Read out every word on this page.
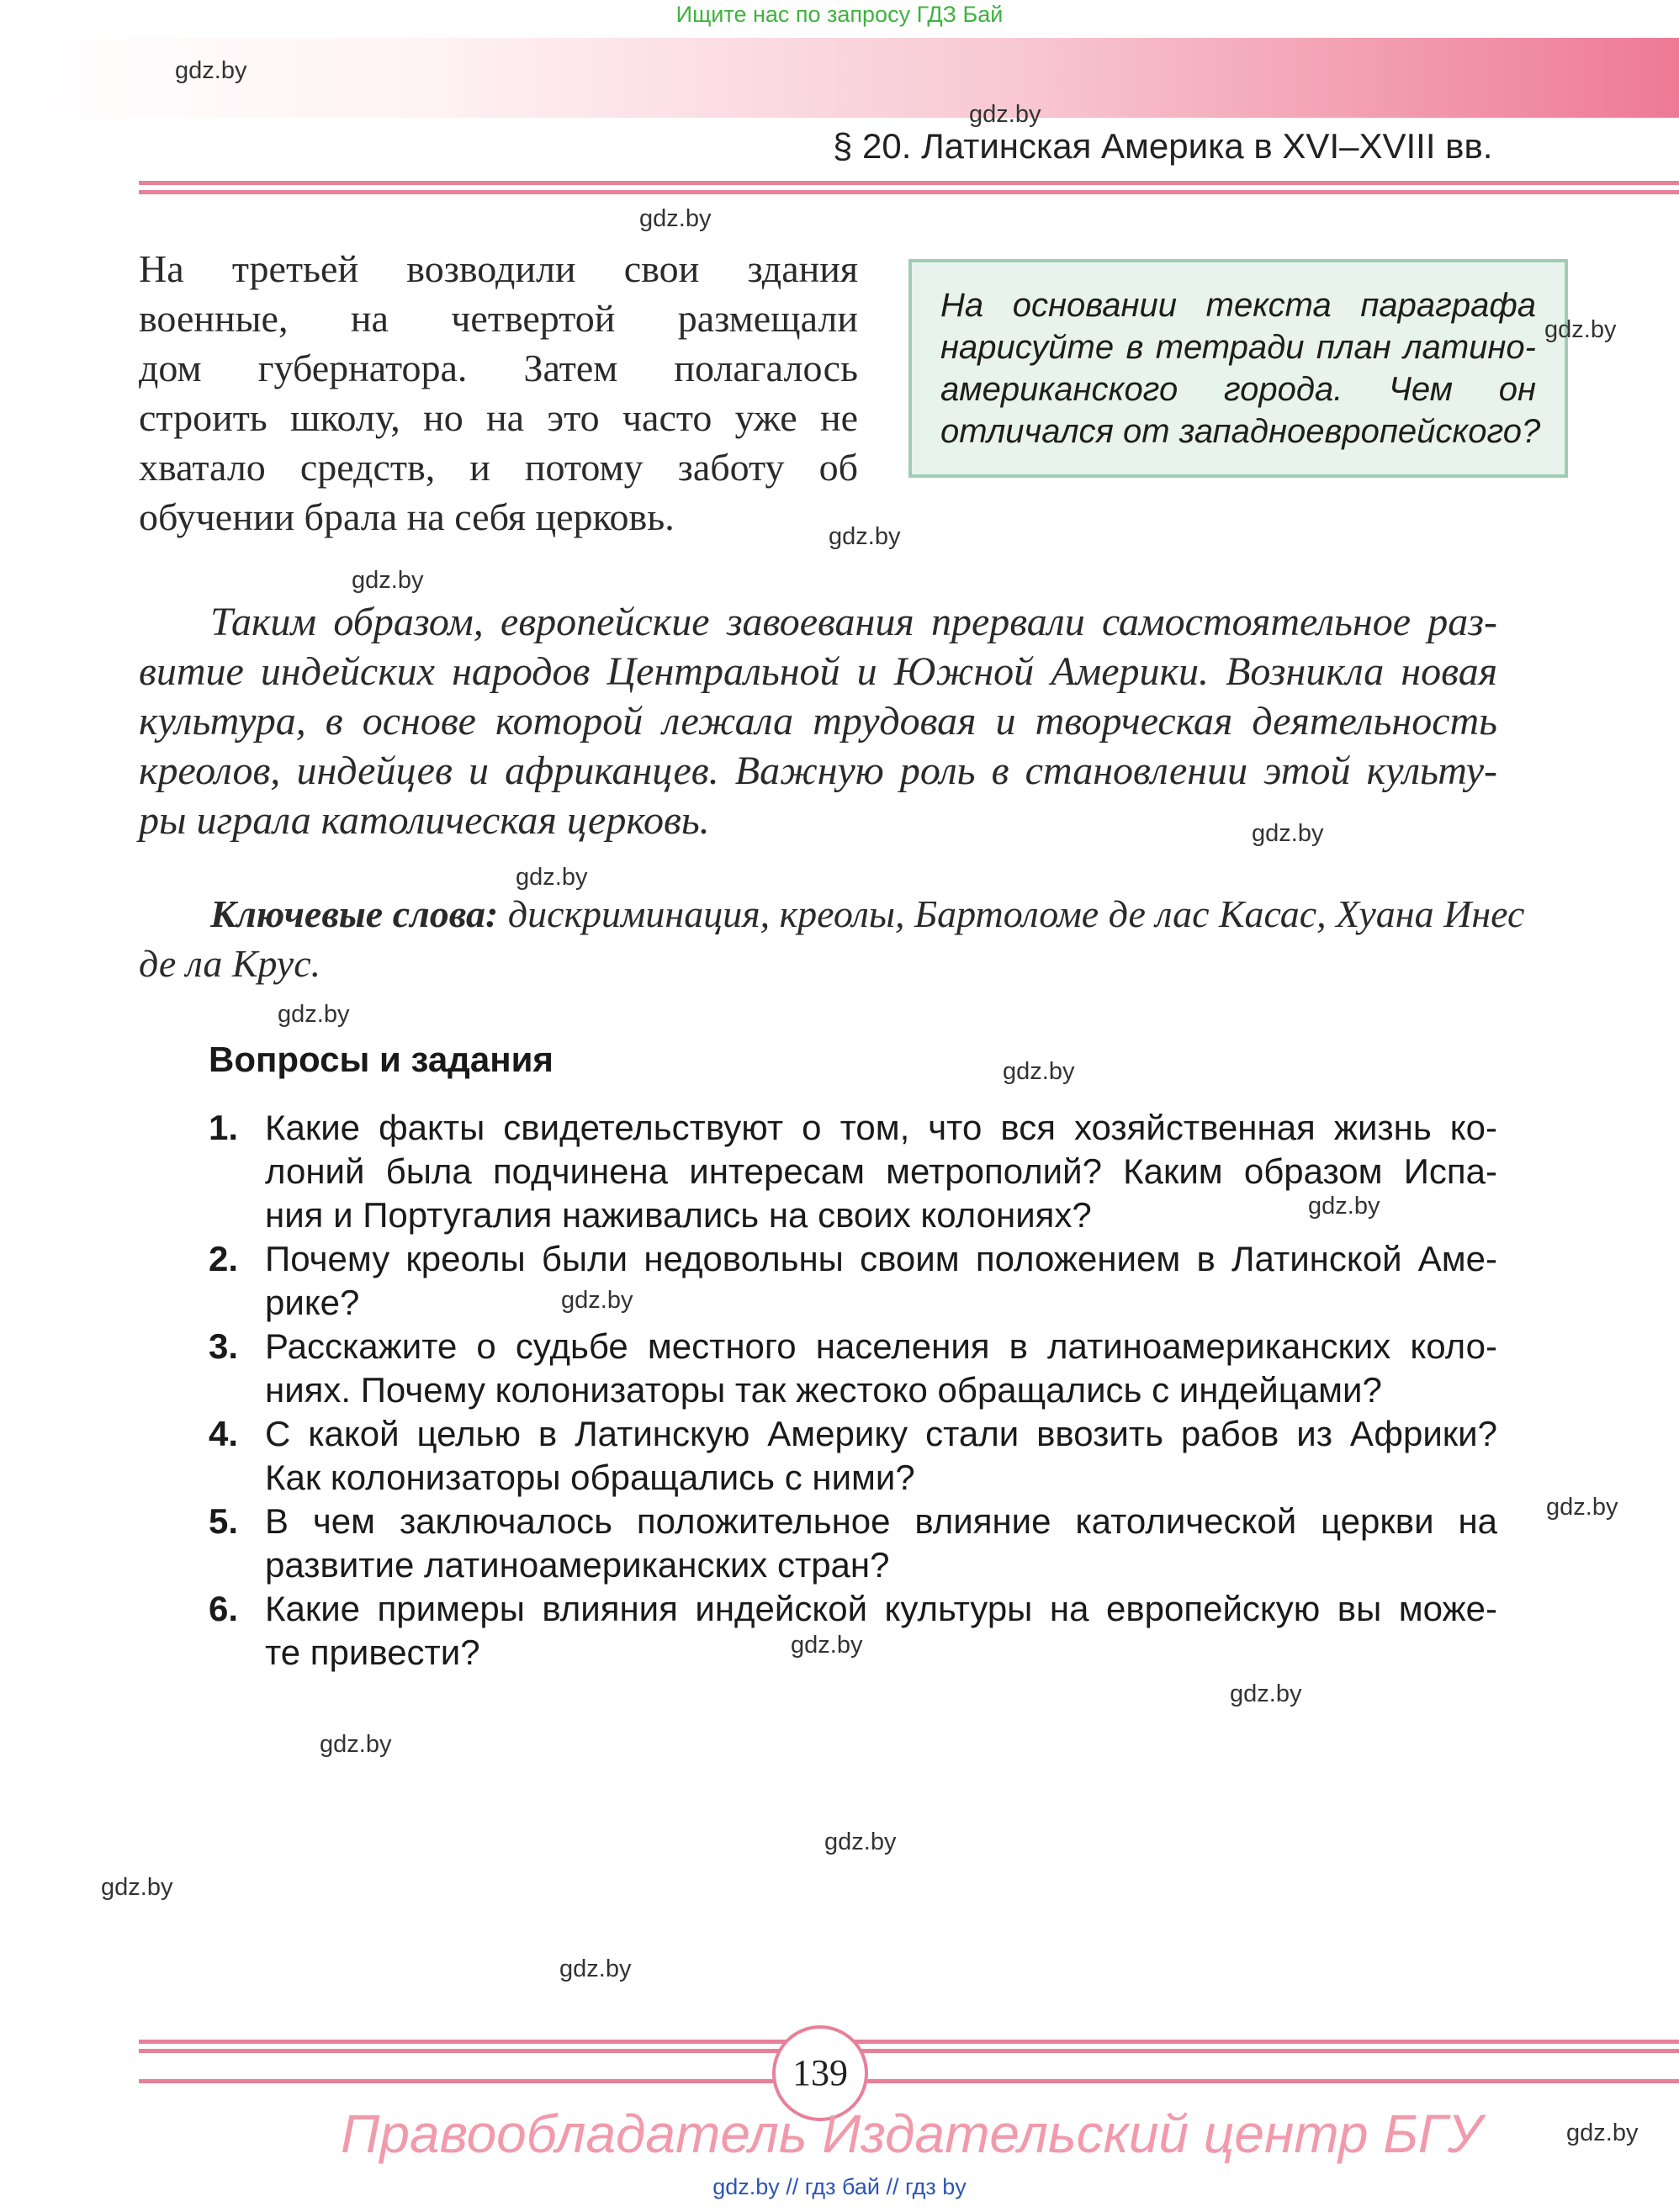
Ищите нас по запросу ГДЗ Бай
§ 20. Латинская Америка в XVI–XVIII вв.
На третьей возводили свои здания
военные, на четвертой размещали
дом губернатора. Затем полагалось
строить школу, но на это часто уже не
хватало средств, и потому заботу об
обучении брала на себя церковь.
На основании текста параграфа
нарисуйте в тетради план латино-
американского города. Чем он
отличался от западноевропейского?
Таким образом, европейские завоевания прервали самостоятельное раз-
витие индейских народов Центральной и Южной Америки. Возникла новая
культура, в основе которой лежала трудовая и творческая деятельность
креолов, индейцев и африканцев. Важную роль в становлении этой культу-
ры играла католическая церковь.
Ключевые слова: дискриминация, креолы, Бартоломе де лас Касас, Хуана Инес
де ла Крус.
Вопросы и задания
1. Какие факты свидетельствуют о том, что вся хозяйственная жизнь ко-
лоний была подчинена интересам метрополий? Каким образом Испа-
ния и Португалия наживались на своих колониях?
2. Почему креолы были недовольны своим положением в Латинской Аме-
рике?
3. Расскажите о судьбе местного населения в латиноамериканских коло-
ниях. Почему колонизаторы так жестоко обращались с индейцами?
4. С какой целью в Латинскую Америку стали ввозить рабов из Африки?
Как колонизаторы обращались с ними?
5. В чем заключалось положительное влияние католической церкви на
развитие латиноамериканских стран?
6. Какие примеры влияния индейской культуры на европейскую вы може-
те привести?
gdz.by
gdz.by
gdz.by
gdz.by
gdz.by
gdz.by
gdz.by
gdz.by
gdz.by
gdz.by
gdz.by
gdz.by
gdz.by
gdz.by
gdz.by
gdz.by
gdz.by
gdz.by
gdz.by
gdz.by
139
Правообладатель Издательский центр БГУ
gdz.by // гдз бай // гдз by
